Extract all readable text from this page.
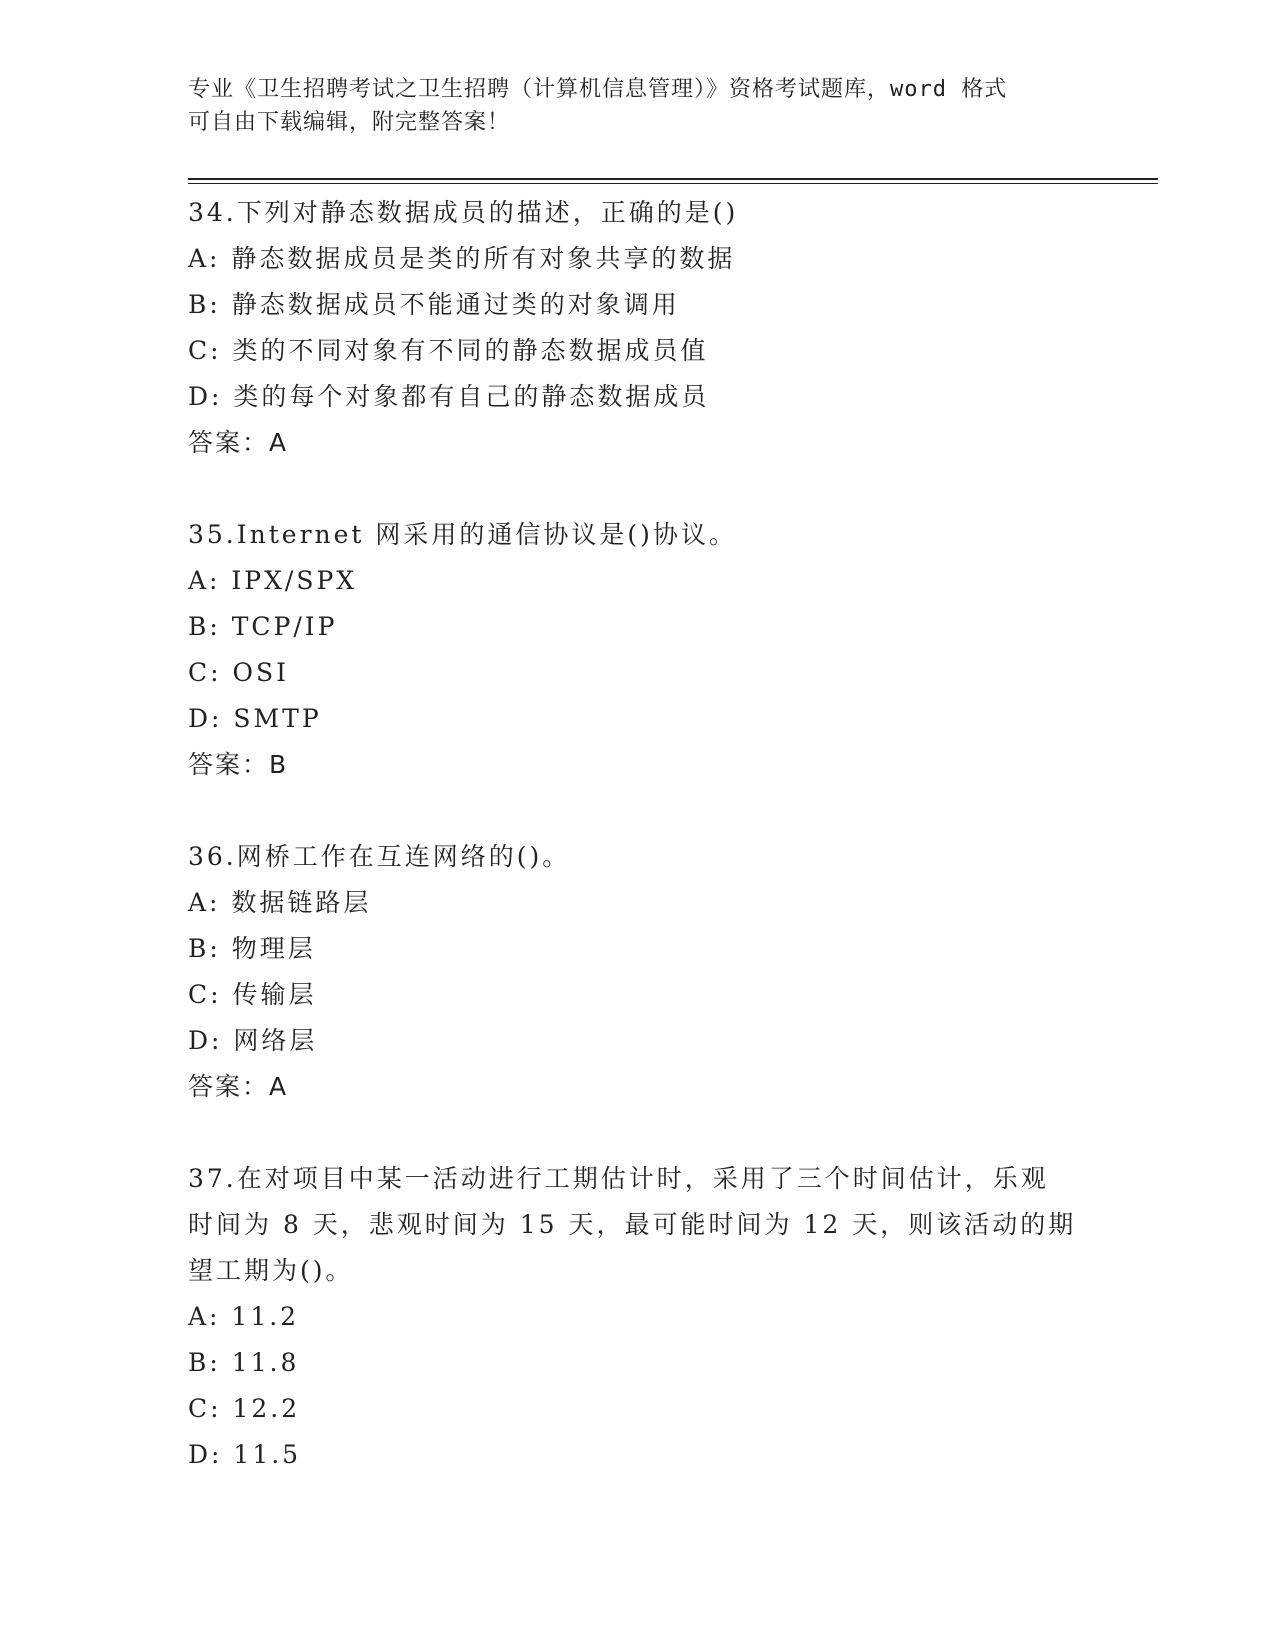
专业《卫生招聘考试之卫生招聘（计算机信息管理）》资格考试题库，word 格式
可自由下载编辑，附完整答案！
34.下列对静态数据成员的描述，正确的是()
A: 静态数据成员是类的所有对象共享的数据
B: 静态数据成员不能通过类的对象调用
C: 类的不同对象有不同的静态数据成员值
D: 类的每个对象都有自己的静态数据成员
答案：A
35.Internet 网采用的通信协议是()协议。
A: IPX/SPX
B: TCP/IP
C: OSI
D: SMTP
答案：B
36.网桥工作在互连网络的()。
A: 数据链路层
B: 物理层
C: 传输层
D: 网络层
答案：A
37.在对项目中某一活动进行工期估计时，采用了三个时间估计，乐观
时间为 8 天，悲观时间为 15 天，最可能时间为 12 天，则该活动的期
望工期为()。
A: 11.2
B: 11.8
C: 12.2
D: 11.5
